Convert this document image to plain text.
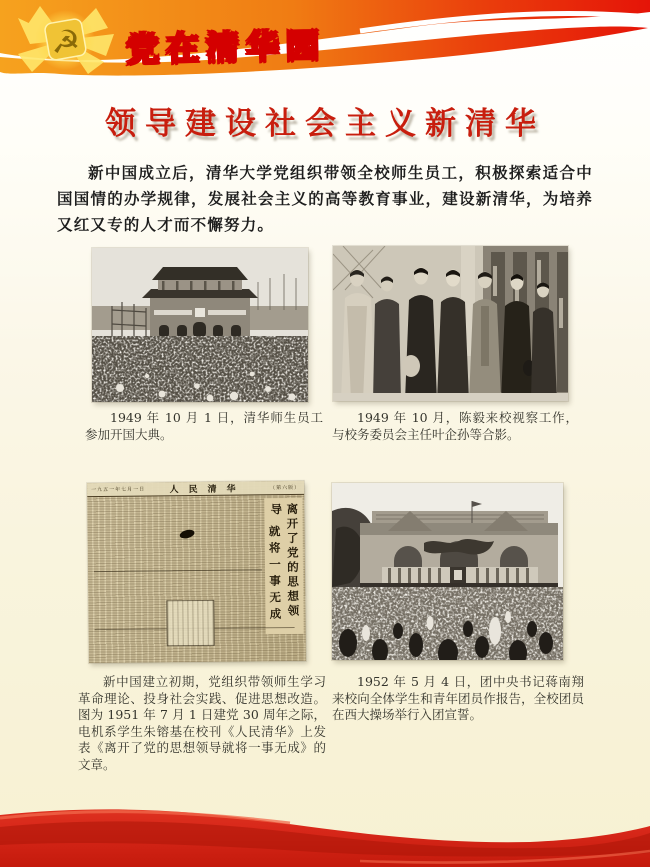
☭ 党在清华园
领导建设社会主义新清华

新中国成立后，清华大学党组织带领全校师生员工，积极探索适合中国国情的办学规律，发展社会主义的高等教育事业，建设新清华，为培养又红又专的人才而不懈努力。

一九五一年七月一日	人民清华	（第六版）
离开了党的思想领导
就将一事无成

1949 年 10 月 1 日，清华师生员工参加开国大典。

1949 年 10 月，陈毅来校视察工作，与校务委员会主任叶企孙等合影。

新中国建立初期，党组织带领师生学习革命理论、投身社会实践、促进思想改造。图为 1951 年 7 月 1 日建党 30 周年之际，电机系学生朱镕基在校刊《人民清华》上发表《离开了党的思想领导就将一事无成》的文章。

1952 年 5 月 4 日，团中央书记蒋南翔来校向全体学生和青年团员作报告，全校团员在西大操场举行入团宣誓。
